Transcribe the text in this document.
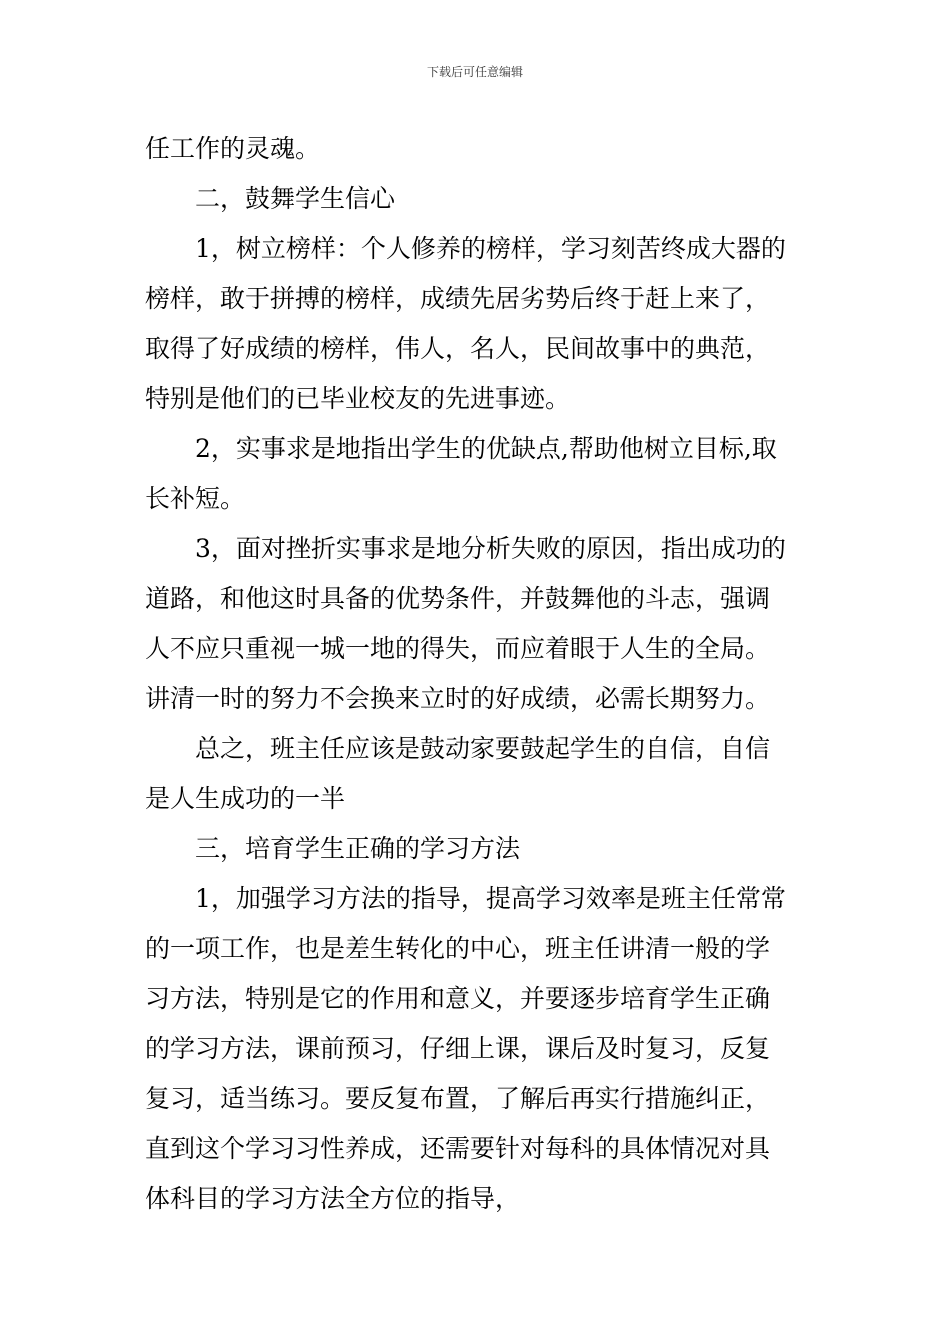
下载后可任意编辑
任工作的灵魂。
二，鼓舞学生信心
1，树立榜样：个人修养的榜样，学习刻苦终成大器的
榜样，敢于拼搏的榜样，成绩先居劣势后终于赶上来了，
取得了好成绩的榜样，伟人，名人，民间故事中的典范，
特别是他们的已毕业校友的先进事迹。
2，实事求是地指出学生的优缺点,帮助他树立目标,取
长补短。
3，面对挫折实事求是地分析失败的原因，指出成功的
道路，和他这时具备的优势条件，并鼓舞他的斗志，强调
人不应只重视一城一地的得失，而应着眼于人生的全局。
讲清一时的努力不会换来立时的好成绩，必需长期努力。
总之，班主任应该是鼓动家要鼓起学生的自信，自信
是人生成功的一半
三，培育学生正确的学习方法
1，加强学习方法的指导，提高学习效率是班主任常常
的一项工作，也是差生转化的中心，班主任讲清一般的学
习方法，特别是它的作用和意义，并要逐步培育学生正确
的学习方法，课前预习，仔细上课，课后及时复习，反复
复习，适当练习。要反复布置，了解后再实行措施纠正，
直到这个学习习性养成，还需要针对每科的具体情况对具
体科目的学习方法全方位的指导，
